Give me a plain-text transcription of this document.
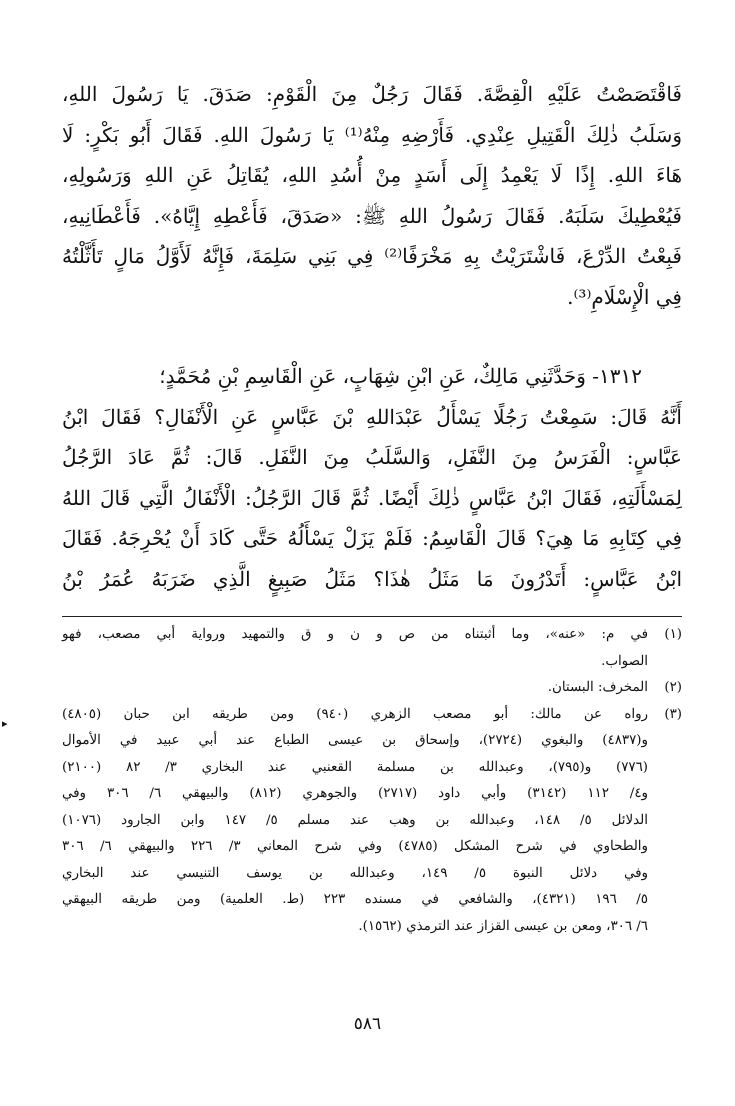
فَاقْتَصَصْتُ عَلَيْهِ الْقِصَّةَ. فَقَالَ رَجُلٌ مِنَ الْقَوْمِ: صَدَقَ. يَا رَسُولَ اللهِ،
وَسَلَبُ ذٰلِكَ الْقَتِيلِ عِنْدِي. فَأَرْضِهِ مِنْهُ⁽¹⁾ يَا رَسُولَ اللهِ. فَقَالَ أَبُو بَكْرٍ: لَا
هَاءَ اللهِ. إِذًا لَا يَعْمِدُ إِلَى أَسَدٍ مِنْ أُسُدِ اللهِ، يُقَاتِلُ عَنِ اللهِ وَرَسُولِهِ،
فَيُعْطِيكَ سَلَبَهُ. فَقَالَ رَسُولُ اللهِ ﷺ: «صَدَقَ، فَأَعْطِهِ إِيَّاهُ». فَأَعْطَانِيهِ،
فَبِعْتُ الدِّرْعَ، فَاشْتَرَيْتُ بِهِ مَخْرَفًا⁽²⁾ فِي بَنِي سَلِمَةَ، فَإِنَّهُ لَأَوَّلُ مَالٍ تَأَثَّلْتُهُ
فِي الْإِسْلَامِ⁽³⁾.
١٣١٢- وَحَدَّثَنِي مَالِكٌ، عَنِ ابْنِ شِهَابٍ، عَنِ الْقَاسِمِ بْنِ مُحَمَّدٍ؛
أَنَّهُ قَالَ: سَمِعْتُ رَجُلًا يَسْأَلُ عَبْدَاللهِ بْنَ عَبَّاسٍ عَنِ الْأَنْفَالِ؟ فَقَالَ ابْنُ
عَبَّاسٍ: الْفَرَسُ مِنَ النَّفَلِ، وَالسَّلَبُ مِنَ النَّفَلِ. قَالَ: ثُمَّ عَادَ الرَّجُلُ
لِمَسْأَلَتِهِ، فَقَالَ ابْنُ عَبَّاسٍ ذٰلِكَ أَيْضًا. ثُمَّ قَالَ الرَّجُلُ: الْأَنْفَالُ الَّتِي قَالَ اللهُ
فِي كِتَابِهِ مَا هِيَ؟ قَالَ الْقَاسِمُ: فَلَمْ يَزَلْ يَسْأَلُهُ حَتَّى كَادَ أَنْ يُحْرِجَهُ. فَقَالَ
ابْنُ عَبَّاسٍ: أَتَدْرُونَ مَا مَثَلُ هٰذَا؟ مَثَلُ صَبِيغٍ الَّذِي ضَرَبَهُ عُمَرُ بْنُ
(١)
في م: «عنه»، وما أثبتناه من ص و ن و ق والتمهيد ورواية أبي مصعب، فهو
الصواب.
(٢)
المخرف: البستان.
(٣)
رواه عن مالك: أبو مصعب الزهري (٩٤٠) ومن طريقه ابن حبان (٤٨٠٥)
و(٤٨٣٧) والبغوي (٢٧٢٤)، وإسحاق بن عيسى الطباع عند أبي عبيد في الأموال
(٧٧٦) و(٧٩٥)، وعبدالله بن مسلمة القعنبي عند البخاري ٣/ ٨٢ (٢١٠٠)
و٤/ ١١٢ (٣١٤٢) وأبي داود (٢٧١٧) والجوهري (٨١٢) والبيهقي ٦/ ٣٠٦ وفي
الدلائل ٥/ ١٤٨، وعبدالله بن وهب عند مسلم ٥/ ١٤٧ وابن الجارود (١٠٧٦)
والطحاوي في شرح المشكل (٤٧٨٥) وفي شرح المعاني ٣/ ٢٢٦ والبيهقي ٦/ ٣٠٦
وفي دلائل النبوة ٥/ ١٤٩، وعبدالله بن يوسف التنيسي عند البخاري
٥/ ١٩٦ (٤٣٢١)، والشافعي في مسنده ٢٢٣ (ط. العلمية) ومن طريقه البيهقي
٦/ ٣٠٦، ومعن بن عيسى القزاز عند الترمذي (١٥٦٢).
٥٨٦
▸
